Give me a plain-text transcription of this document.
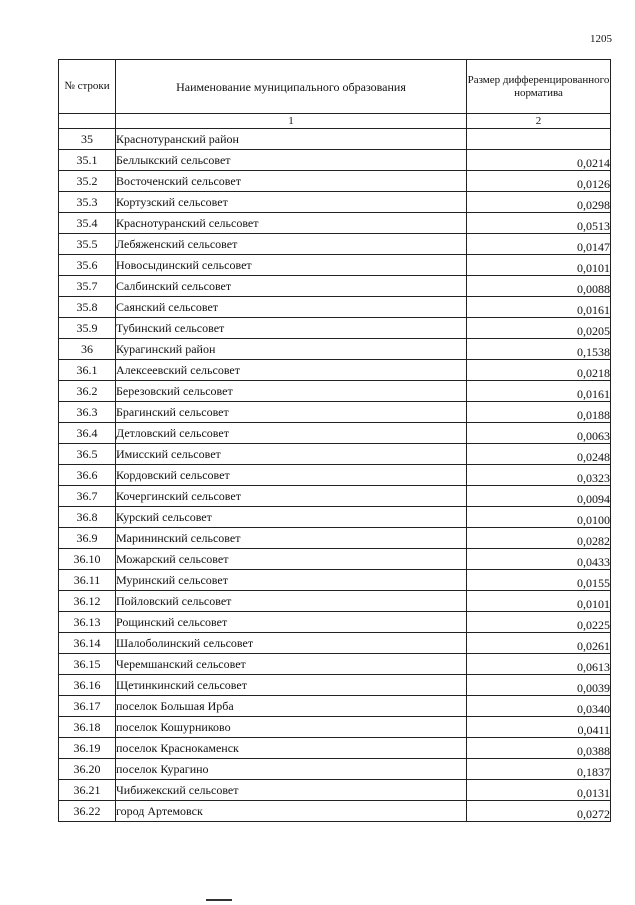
1205
№ строки	Наименование муниципального образования	Размер дифференцированного норматива
	1	2
35	Краснотуранский район	
35.1	Беллыкский сельсовет	0,0214
35.2	Восточенский сельсовет	0,0126
35.3	Кортузский сельсовет	0,0298
35.4	Краснотуранский сельсовет	0,0513
35.5	Лебяженский сельсовет	0,0147
35.6	Новосыдинский сельсовет	0,0101
35.7	Салбинский сельсовет	0,0088
35.8	Саянский сельсовет	0,0161
35.9	Тубинский сельсовет	0,0205
36	Курагинский район	0,1538
36.1	Алексеевский сельсовет	0,0218
36.2	Березовский сельсовет	0,0161
36.3	Брагинский сельсовет	0,0188
36.4	Детловский сельсовет	0,0063
36.5	Имисский сельсовет	0,0248
36.6	Кордовский сельсовет	0,0323
36.7	Кочергинский сельсовет	0,0094
36.8	Курский сельсовет	0,0100
36.9	Марининский сельсовет	0,0282
36.10	Можарский сельсовет	0,0433
36.11	Муринский сельсовет	0,0155
36.12	Пойловский сельсовет	0,0101
36.13	Рощинский сельсовет	0,0225
36.14	Шалоболинский сельсовет	0,0261
36.15	Черемшанский сельсовет	0,0613
36.16	Щетинкинский сельсовет	0,0039
36.17	поселок Большая Ирба	0,0340
36.18	поселок Кошурниково	0,0411
36.19	поселок Краснокаменск	0,0388
36.20	поселок Курагино	0,1837
36.21	Чибижекский сельсовет	0,0131
36.22	город Артемовск	0,0272
